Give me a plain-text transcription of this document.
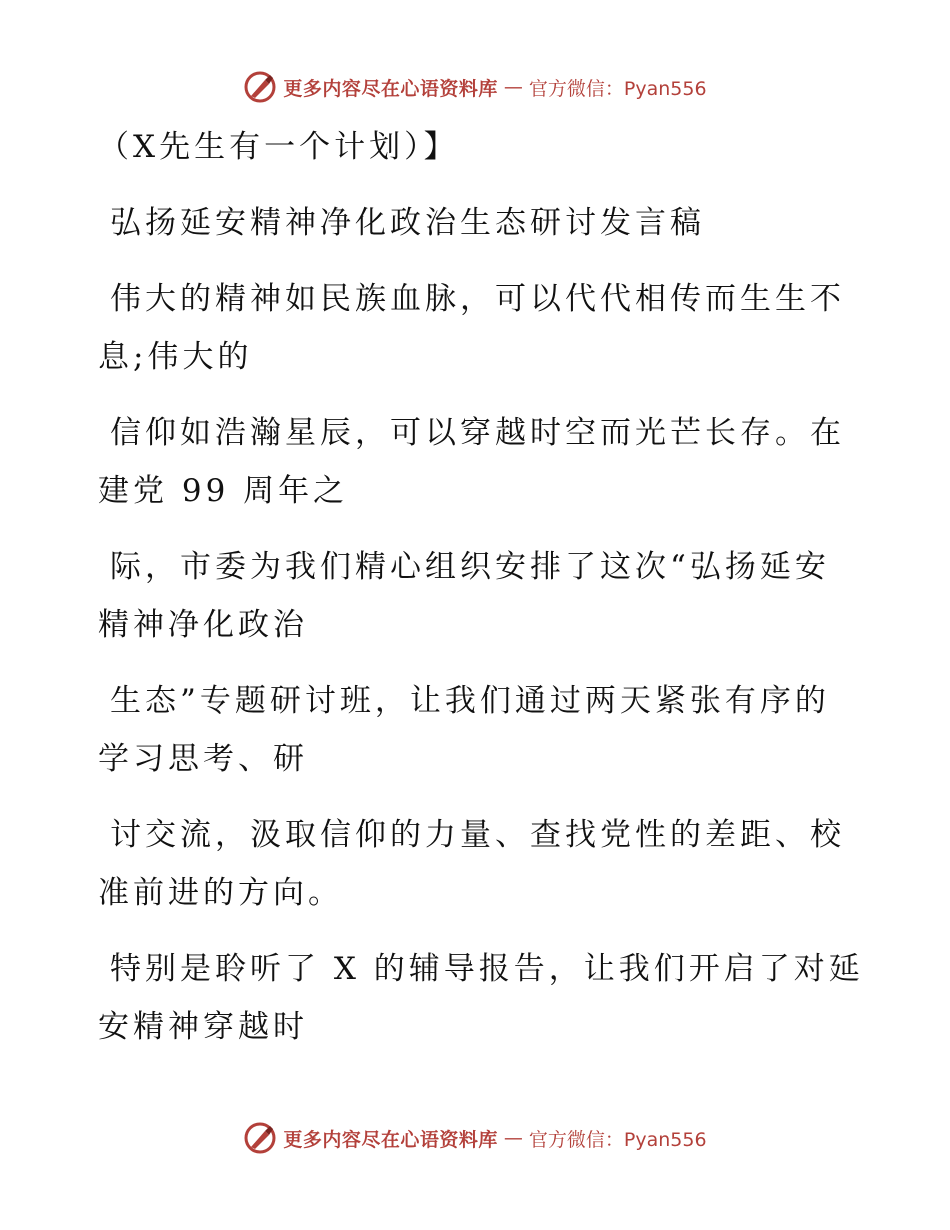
更多内容尽在心语资料库 — 官方微信：Pyan556

（X先生有一个计划）】

弘扬延安精神净化政治生态研讨发言稿

伟大的精神如民族血脉，可以代代相传而生生不
息;伟大的

信仰如浩瀚星辰，可以穿越时空而光芒长存。在
建党 99 周年之

际，市委为我们精心组织安排了这次“弘扬延安
精神净化政治

生态”专题研讨班，让我们通过两天紧张有序的
学习思考、研

讨交流，汲取信仰的力量、查找党性的差距、校
准前进的方向。

特别是聆听了 X 的辅导报告，让我们开启了对延
安精神穿越时

更多内容尽在心语资料库 — 官方微信：Pyan556
